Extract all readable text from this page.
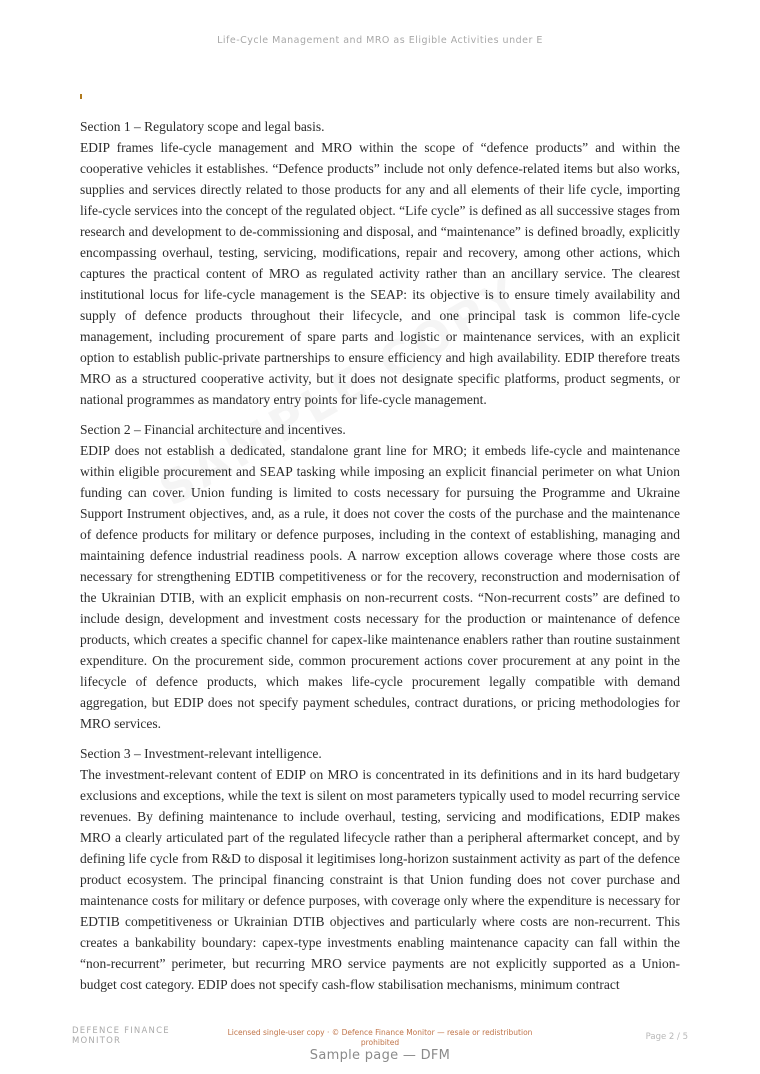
Life-Cycle Management and MRO as Eligible Activities under E
Section 1 – Regulatory scope and legal basis.

EDIP frames life-cycle management and MRO within the scope of “defence products” and within the cooperative vehicles it establishes. “Defence products” include not only defence-related items but also works, supplies and services directly related to those products for any and all elements of their life cycle, importing life-cycle services into the concept of the regulated object. “Life cycle” is defined as all successive stages from research and development to de-commissioning and disposal, and “maintenance” is defined broadly, explicitly encompassing overhaul, testing, servicing, modifications, repair and recovery, among other actions, which captures the practical content of MRO as regulated activity rather than an ancillary service. The clearest institutional locus for life-cycle management is the SEAP: its objective is to ensure timely availability and supply of defence products throughout their lifecycle, and one principal task is common life-cycle management, including procurement of spare parts and logistic or maintenance services, with an explicit option to establish public-private partnerships to ensure efficiency and high availability. EDIP therefore treats MRO as a structured cooperative activity, but it does not designate specific platforms, product segments, or national programmes as mandatory entry points for life-cycle management.

Section 2 – Financial architecture and incentives.

EDIP does not establish a dedicated, standalone grant line for MRO; it embeds life-cycle and maintenance within eligible procurement and SEAP tasking while imposing an explicit financial perimeter on what Union funding can cover. Union funding is limited to costs necessary for pursuing the Programme and Ukraine Support Instrument objectives, and, as a rule, it does not cover the costs of the purchase and the maintenance of defence products for military or defence purposes, including in the context of establishing, managing and maintaining defence industrial readiness pools. A narrow exception allows coverage where those costs are necessary for strengthening EDTIB competitiveness or for the recovery, reconstruction and modernisation of the Ukrainian DTIB, with an explicit emphasis on non-recurrent costs. “Non-recurrent costs” are defined to include design, development and investment costs necessary for the production or maintenance of defence products, which creates a specific channel for capex-like maintenance enablers rather than routine sustainment expenditure. On the procurement side, common procurement actions cover procurement at any point in the lifecycle of defence products, which makes life-cycle procurement legally compatible with demand aggregation, but EDIP does not specify payment schedules, contract durations, or pricing methodologies for MRO services.

Section 3 – Investment-relevant intelligence.

The investment-relevant content of EDIP on MRO is concentrated in its definitions and in its hard budgetary exclusions and exceptions, while the text is silent on most parameters typically used to model recurring service revenues. By defining maintenance to include overhaul, testing, servicing and modifications, EDIP makes MRO a clearly articulated part of the regulated lifecycle rather than a peripheral aftermarket concept, and by defining life cycle from R&D to disposal it legitimises long-horizon sustainment activity as part of the defence product ecosystem. The principal financing constraint is that Union funding does not cover purchase and maintenance costs for military or defence purposes, with coverage only where the expenditure is necessary for EDTIB competitiveness or Ukrainian DTIB objectives and particularly where costs are non-recurrent. This creates a bankability boundary: capex-type investments enabling maintenance capacity can fall within the “non-recurrent” perimeter, but recurring MRO service payments are not explicitly supported as a Union-budget cost category. EDIP does not specify cash-flow stabilisation mechanisms, minimum contract

DEFENCE FINANCE
MONITOR
Licensed single-user copy · © Defence Finance Monitor — resale or redistribution prohibited
Page 2 / 5
Sample page — DFM
